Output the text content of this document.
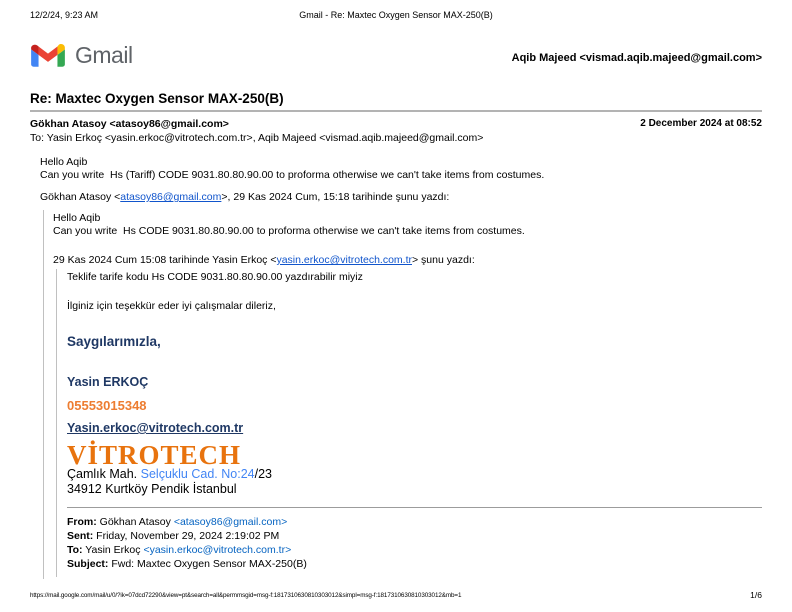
12/2/24, 9:23 AM	Gmail - Re: Maxtec Oxygen Sensor MAX-250(B)
Gmail	Aqib Majeed <vismad.aqib.majeed@gmail.com>
Re: Maxtec Oxygen Sensor MAX-250(B)
Gökhan Atasoy <atasoy86@gmail.com>	2 December 2024 at 08:52
To: Yasin Erkoç <yasin.erkoc@vitrotech.com.tr>, Aqib Majeed <vismad.aqib.majeed@gmail.com>

Hello Aqib

Can you write  Hs (Tariff) CODE 9031.80.80.90.00 to proforma otherwise we can't take items from costumes.

Gökhan Atasoy <atasoy86@gmail.com>, 29 Kas 2024 Cum, 15:18 tarihinde şunu yazdı:

Hello Aqib

Can you write  Hs CODE 9031.80.80.90.00 to proforma otherwise we can't take items from costumes.

29 Kas 2024 Cum 15:08 tarihinde Yasin Erkoç <yasin.erkoc@vitrotech.com.tr> şunu yazdı:

Teklife tarife kodu Hs CODE 9031.80.80.90.00 yazdırabilir miyiz

İlginiz için teşekkür eder iyi çalışmalar dileriz,

Saygılarımızla,

Yasin ERKOÇ

05553015348

Yasin.erkoc@vitrotech.com.tr

VİTROTECH

Çamlık Mah. Selçuklu Cad. No:24/23

34912 Kurtköy Pendik İstanbul

From: Gökhan Atasoy <atasoy86@gmail.com>
Sent: Friday, November 29, 2024 2:19:02 PM
To: Yasin Erkoç <yasin.erkoc@vitrotech.com.tr>
Subject: Fwd: Maxtec Oxygen Sensor MAX-250(B)
https://mail.google.com/mail/u/0/?ik=07dcd72290&view=pt&search=all&permmsgid=msg-f:1817310630810303012&simpl=msg-f:1817310630810303012&mb=1	1/6
